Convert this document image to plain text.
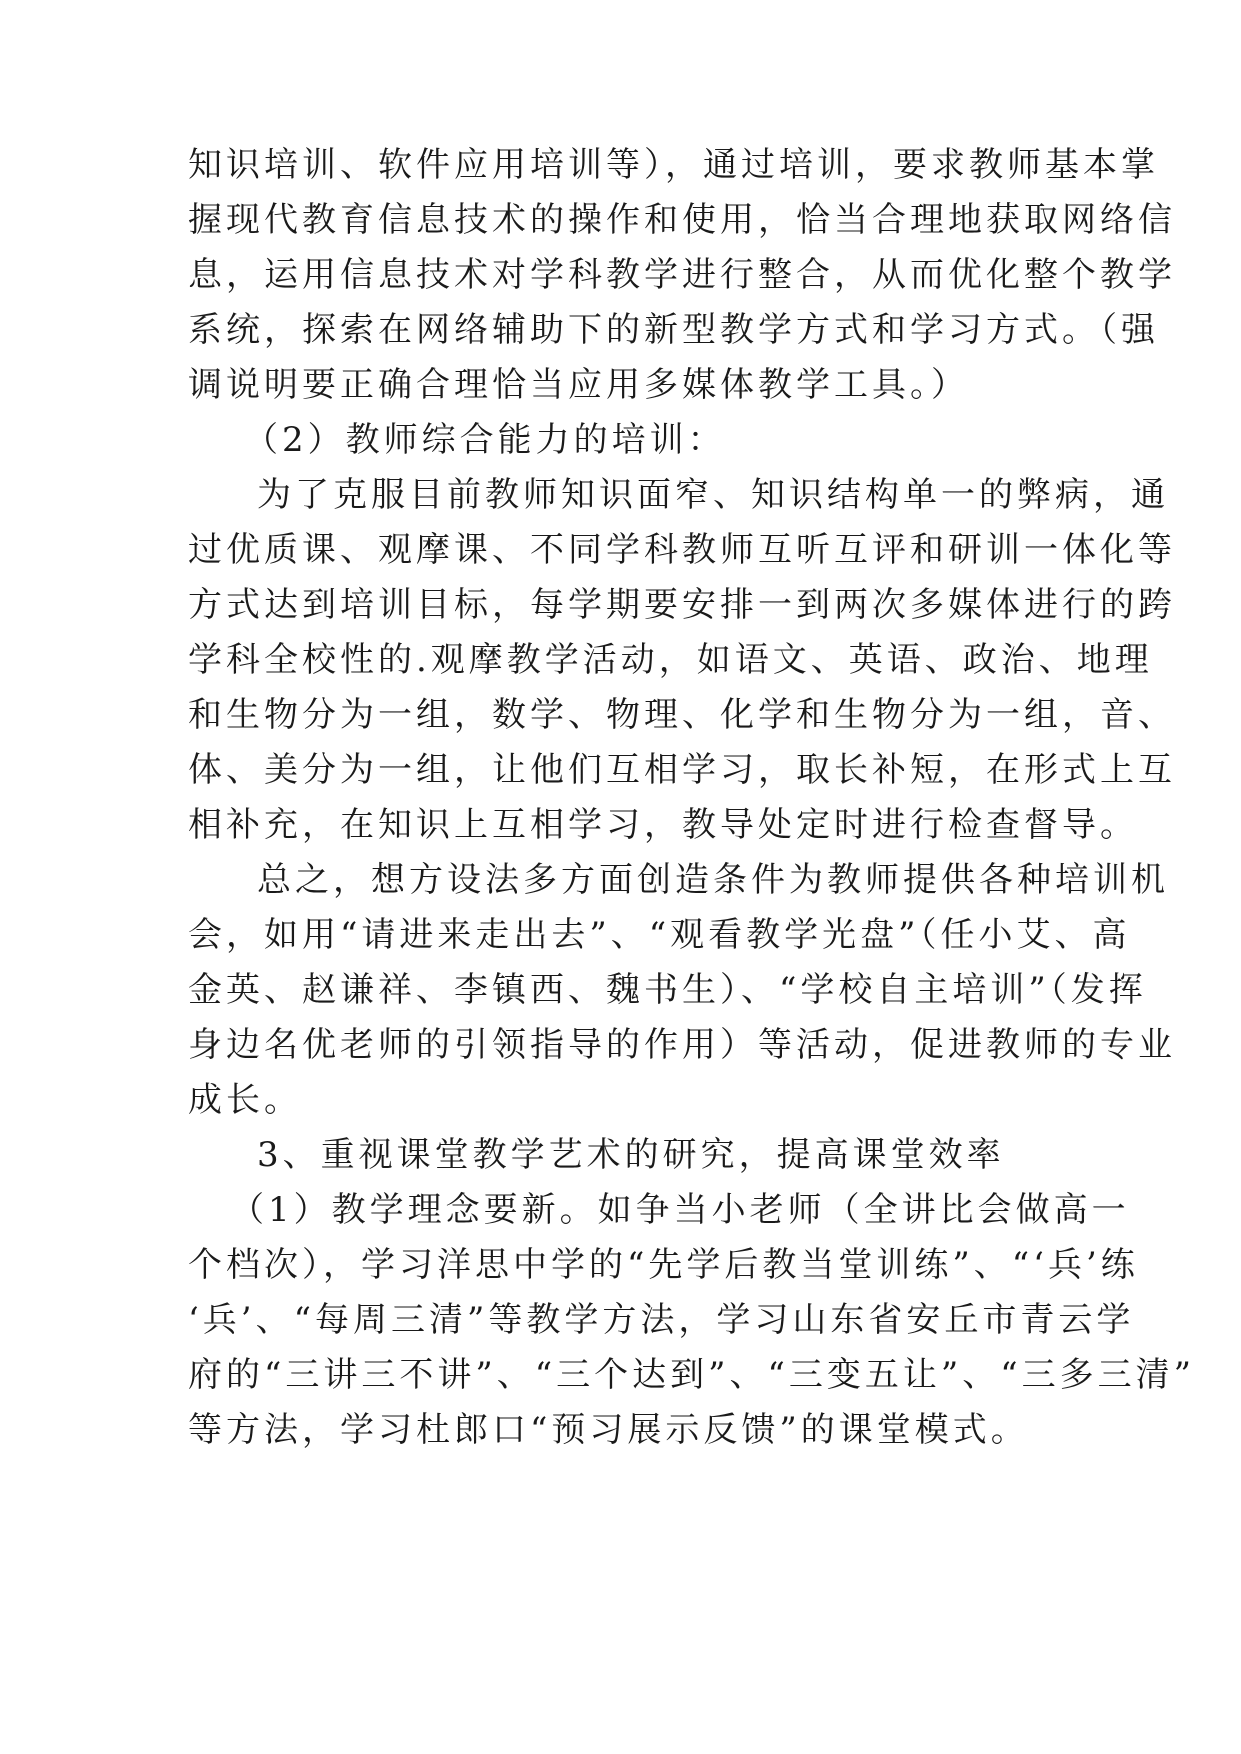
知识培训、软件应用培训等），通过培训，要求教师基本掌
握现代教育信息技术的操作和使用，恰当合理地获取网络信
息，运用信息技术对学科教学进行整合，从而优化整个教学
系统，探索在网络辅助下的新型教学方式和学习方式。（强
调说明要正确合理恰当应用多媒体教学工具。）
（2）教师综合能力的培训：
为了克服目前教师知识面窄、知识结构单一的弊病，通
过优质课、观摩课、不同学科教师互听互评和研训一体化等
方式达到培训目标，每学期要安排一到两次多媒体进行的跨
学科全校性的.观摩教学活动，如语文、英语、政治、地理
和生物分为一组，数学、物理、化学和生物分为一组，音、
体、美分为一组，让他们互相学习，取长补短，在形式上互
相补充，在知识上互相学习，教导处定时进行检查督导。
总之，想方设法多方面创造条件为教师提供各种培训机
会，如用“请进来走出去”、“观看教学光盘”（任小艾、高
金英、赵谦祥、李镇西、魏书生）、“学校自主培训”（发挥
身边名优老师的引领指导的作用）等活动，促进教师的专业
成长。
3、重视课堂教学艺术的研究，提高课堂效率
（1）教学理念要新。如争当小老师（全讲比会做高一
个档次），学习洋思中学的“先学后教当堂训练”、“‘兵’练
‘兵’、“每周三清”等教学方法，学习山东省安丘市青云学
府的“三讲三不讲”、“三个达到”、“三变五让”、“三多三清”
等方法，学习杜郎口“预习展示反馈”的课堂模式。
